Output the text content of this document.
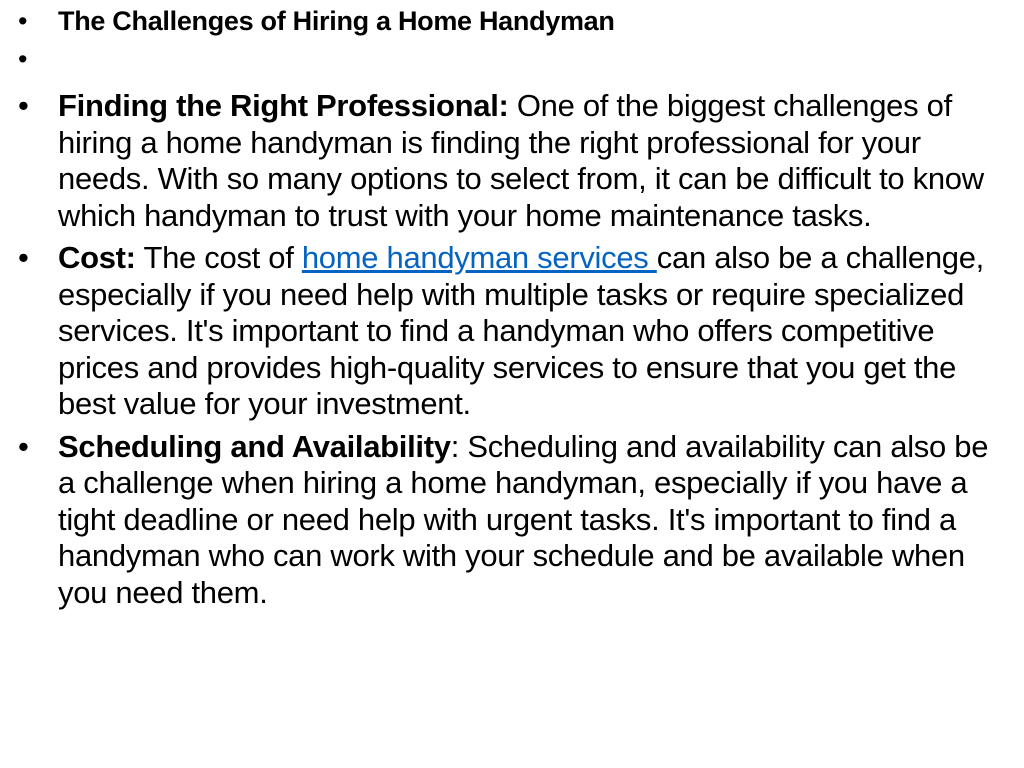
• The Challenges of Hiring a Home Handyman
•
• Finding the Right Professional: One of the biggest challenges of hiring a home handyman is finding the right professional for your needs. With so many options to select from, it can be difficult to know which handyman to trust with your home maintenance tasks.
• Cost: The cost of home handyman services can also be a challenge, especially if you need help with multiple tasks or require specialized services. It's important to find a handyman who offers competitive prices and provides high-quality services to ensure that you get the best value for your investment.
• Scheduling and Availability: Scheduling and availability can also be a challenge when hiring a home handyman, especially if you have a tight deadline or need help with urgent tasks. It's important to find a handyman who can work with your schedule and be available when you need them.
